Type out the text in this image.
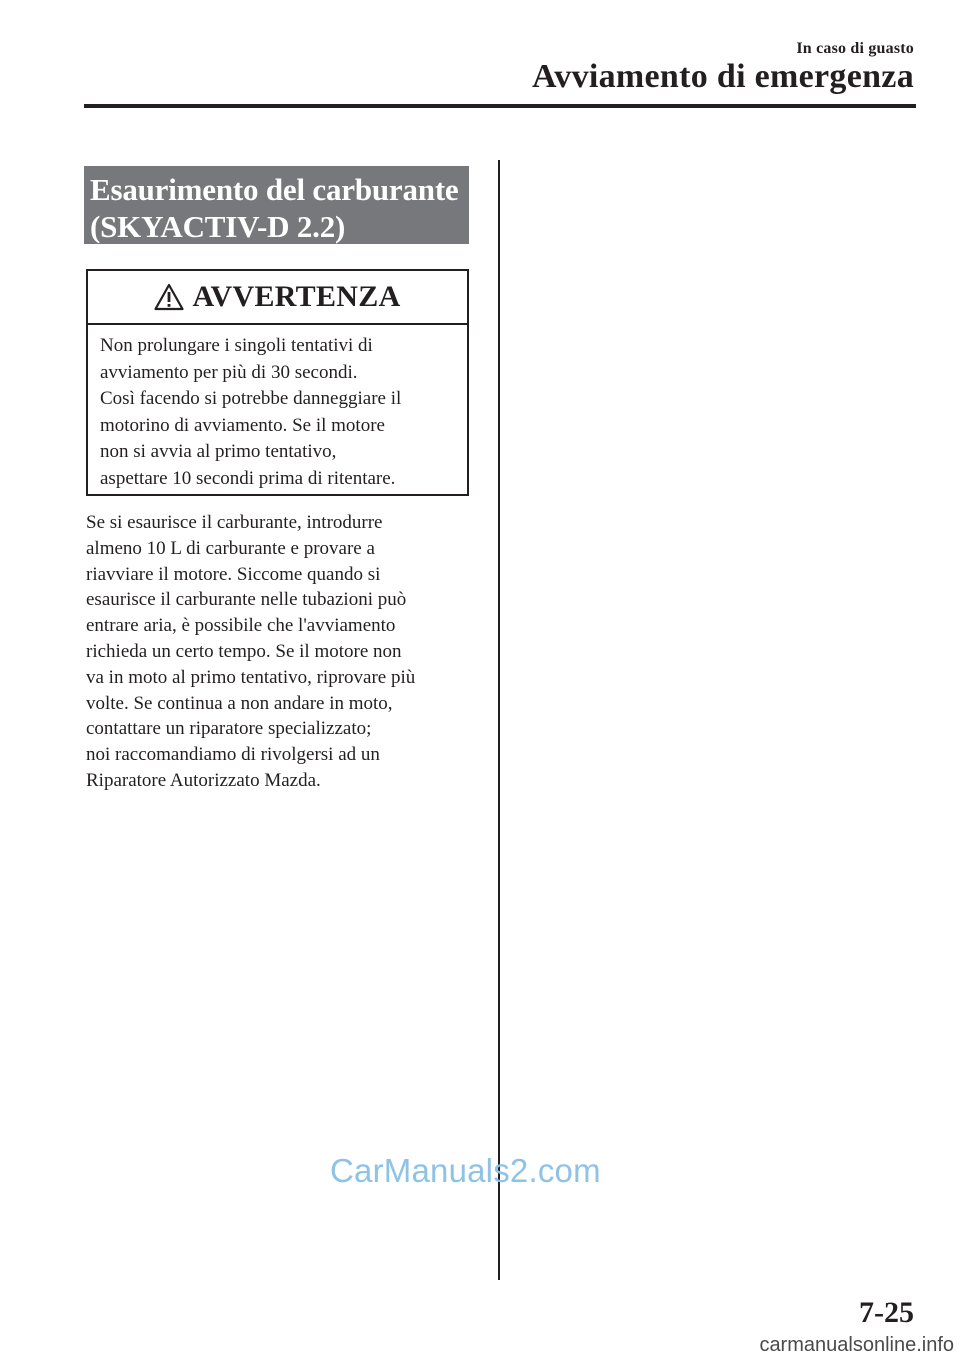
In caso di guasto
Avviamento di emergenza
Esaurimento del carburante
(SKYACTIV-D 2.2)
AVVERTENZA
Non prolungare i singoli tentativi di
avviamento per più di 30 secondi.
Così facendo si potrebbe danneggiare il
motorino di avviamento. Se il motore
non si avvia al primo tentativo,
aspettare 10 secondi prima di ritentare.
Se si esaurisce il carburante, introdurre
almeno 10 L di carburante e provare a
riavviare il motore. Siccome quando si
esaurisce il carburante nelle tubazioni può
entrare aria, è possibile che l'avviamento
richieda un certo tempo. Se il motore non
va in moto al primo tentativo, riprovare più
volte. Se continua a non andare in moto,
contattare un riparatore specializzato;
noi raccomandiamo di rivolgersi ad un
Riparatore Autorizzato Mazda.
CarManuals2.com
7-25
carmanualsonline.info
